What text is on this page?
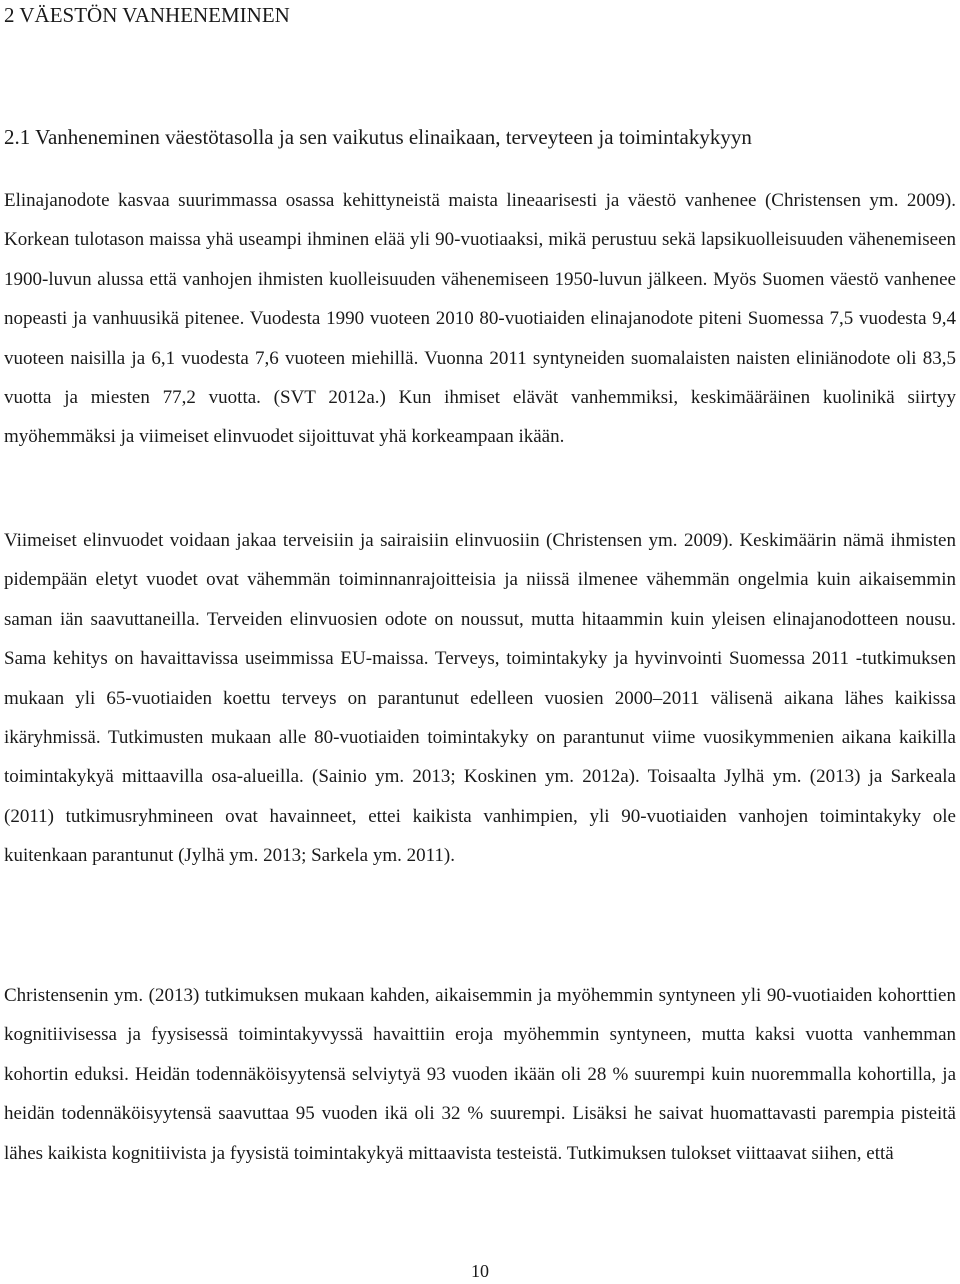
2 VÄESTÖN VANHENEMINEN
2.1 Vanheneminen väestötasolla ja sen vaikutus elinaikaan, terveyteen ja toimintakykyyn

Elinajanodote kasvaa suurimmassa osassa kehittyneistä maista lineaarisesti ja väestö vanhenee (Christensen ym. 2009). Korkean tulotason maissa yhä useampi ihminen elää yli 90-vuotiaaksi, mikä perustuu sekä lapsikuolleisuuden vähenemiseen 1900-luvun alussa että vanhojen ihmisten kuolleisuuden vähenemiseen 1950-luvun jälkeen. Myös Suomen väestö vanhenee nopeasti ja vanhuusikä pitenee. Vuodesta 1990 vuoteen 2010 80-vuotiaiden elinajanodote piteni Suomessa 7,5 vuodesta 9,4 vuoteen naisilla ja 6,1 vuodesta 7,6 vuoteen miehillä. Vuonna 2011 syntyneiden suomalaisten naisten eliniänodote oli 83,5 vuotta ja miesten 77,2 vuotta. (SVT 2012a.) Kun ihmiset elävät vanhemmiksi, keskimääräinen kuolinikä siirtyy myöhemmäksi ja viimeiset elinvuodet sijoittuvat yhä korkeampaan ikään.

Viimeiset elinvuodet voidaan jakaa terveisiin ja sairaisiin elinvuosiin (Christensen ym. 2009). Keskimäärin nämä ihmisten pidempään eletyt vuodet ovat vähemmän toiminnanrajoitteisia ja niissä ilmenee vähemmän ongelmia kuin aikaisemmin saman iän saavuttaneilla. Terveiden elinvuosien odote on noussut, mutta hitaammin kuin yleisen elinajanodotteen nousu. Sama kehitys on havaittavissa useimmissa EU-maissa. Terveys, toimintakyky ja hyvinvointi Suomessa 2011 -tutkimuksen mukaan yli 65-vuotiaiden koettu terveys on parantunut edelleen vuosien 2000–2011 välisenä aikana lähes kaikissa ikäryhmissä. Tutkimusten mukaan alle 80-vuotiaiden toimintakyky on parantunut viime vuosikymmenien aikana kaikilla toimintakykyä mittaavilla osa-alueilla. (Sainio ym. 2013; Koskinen ym. 2012a). Toisaalta Jylhä ym. (2013) ja Sarkeala (2011) tutkimusryhmineen ovat havainneet, ettei kaikista vanhimpien, yli 90-vuotiaiden vanhojen toimintakyky ole kuitenkaan parantunut (Jylhä ym. 2013; Sarkela ym. 2011).

Christensenin ym. (2013) tutkimuksen mukaan kahden, aikaisemmin ja myöhemmin syntyneen yli 90-vuotiaiden kohorttien kognitiivisessa ja fyysisessä toimintakyvyssä havaittiin eroja myöhemmin syntyneen, mutta kaksi vuotta vanhemman kohortin eduksi. Heidän todennäköisyytensä selviytyä 93 vuoden ikään oli 28 % suurempi kuin nuoremmalla kohortilla, ja heidän todennäköisyytensä saavuttaa 95 vuoden ikä oli 32 % suurempi. Lisäksi he saivat huomattavasti parempia pisteitä lähes kaikista kognitiivista ja fyysistä toimintakykyä mittaavista testeistä. Tutkimuksen tulokset viittaavat siihen, että

10
